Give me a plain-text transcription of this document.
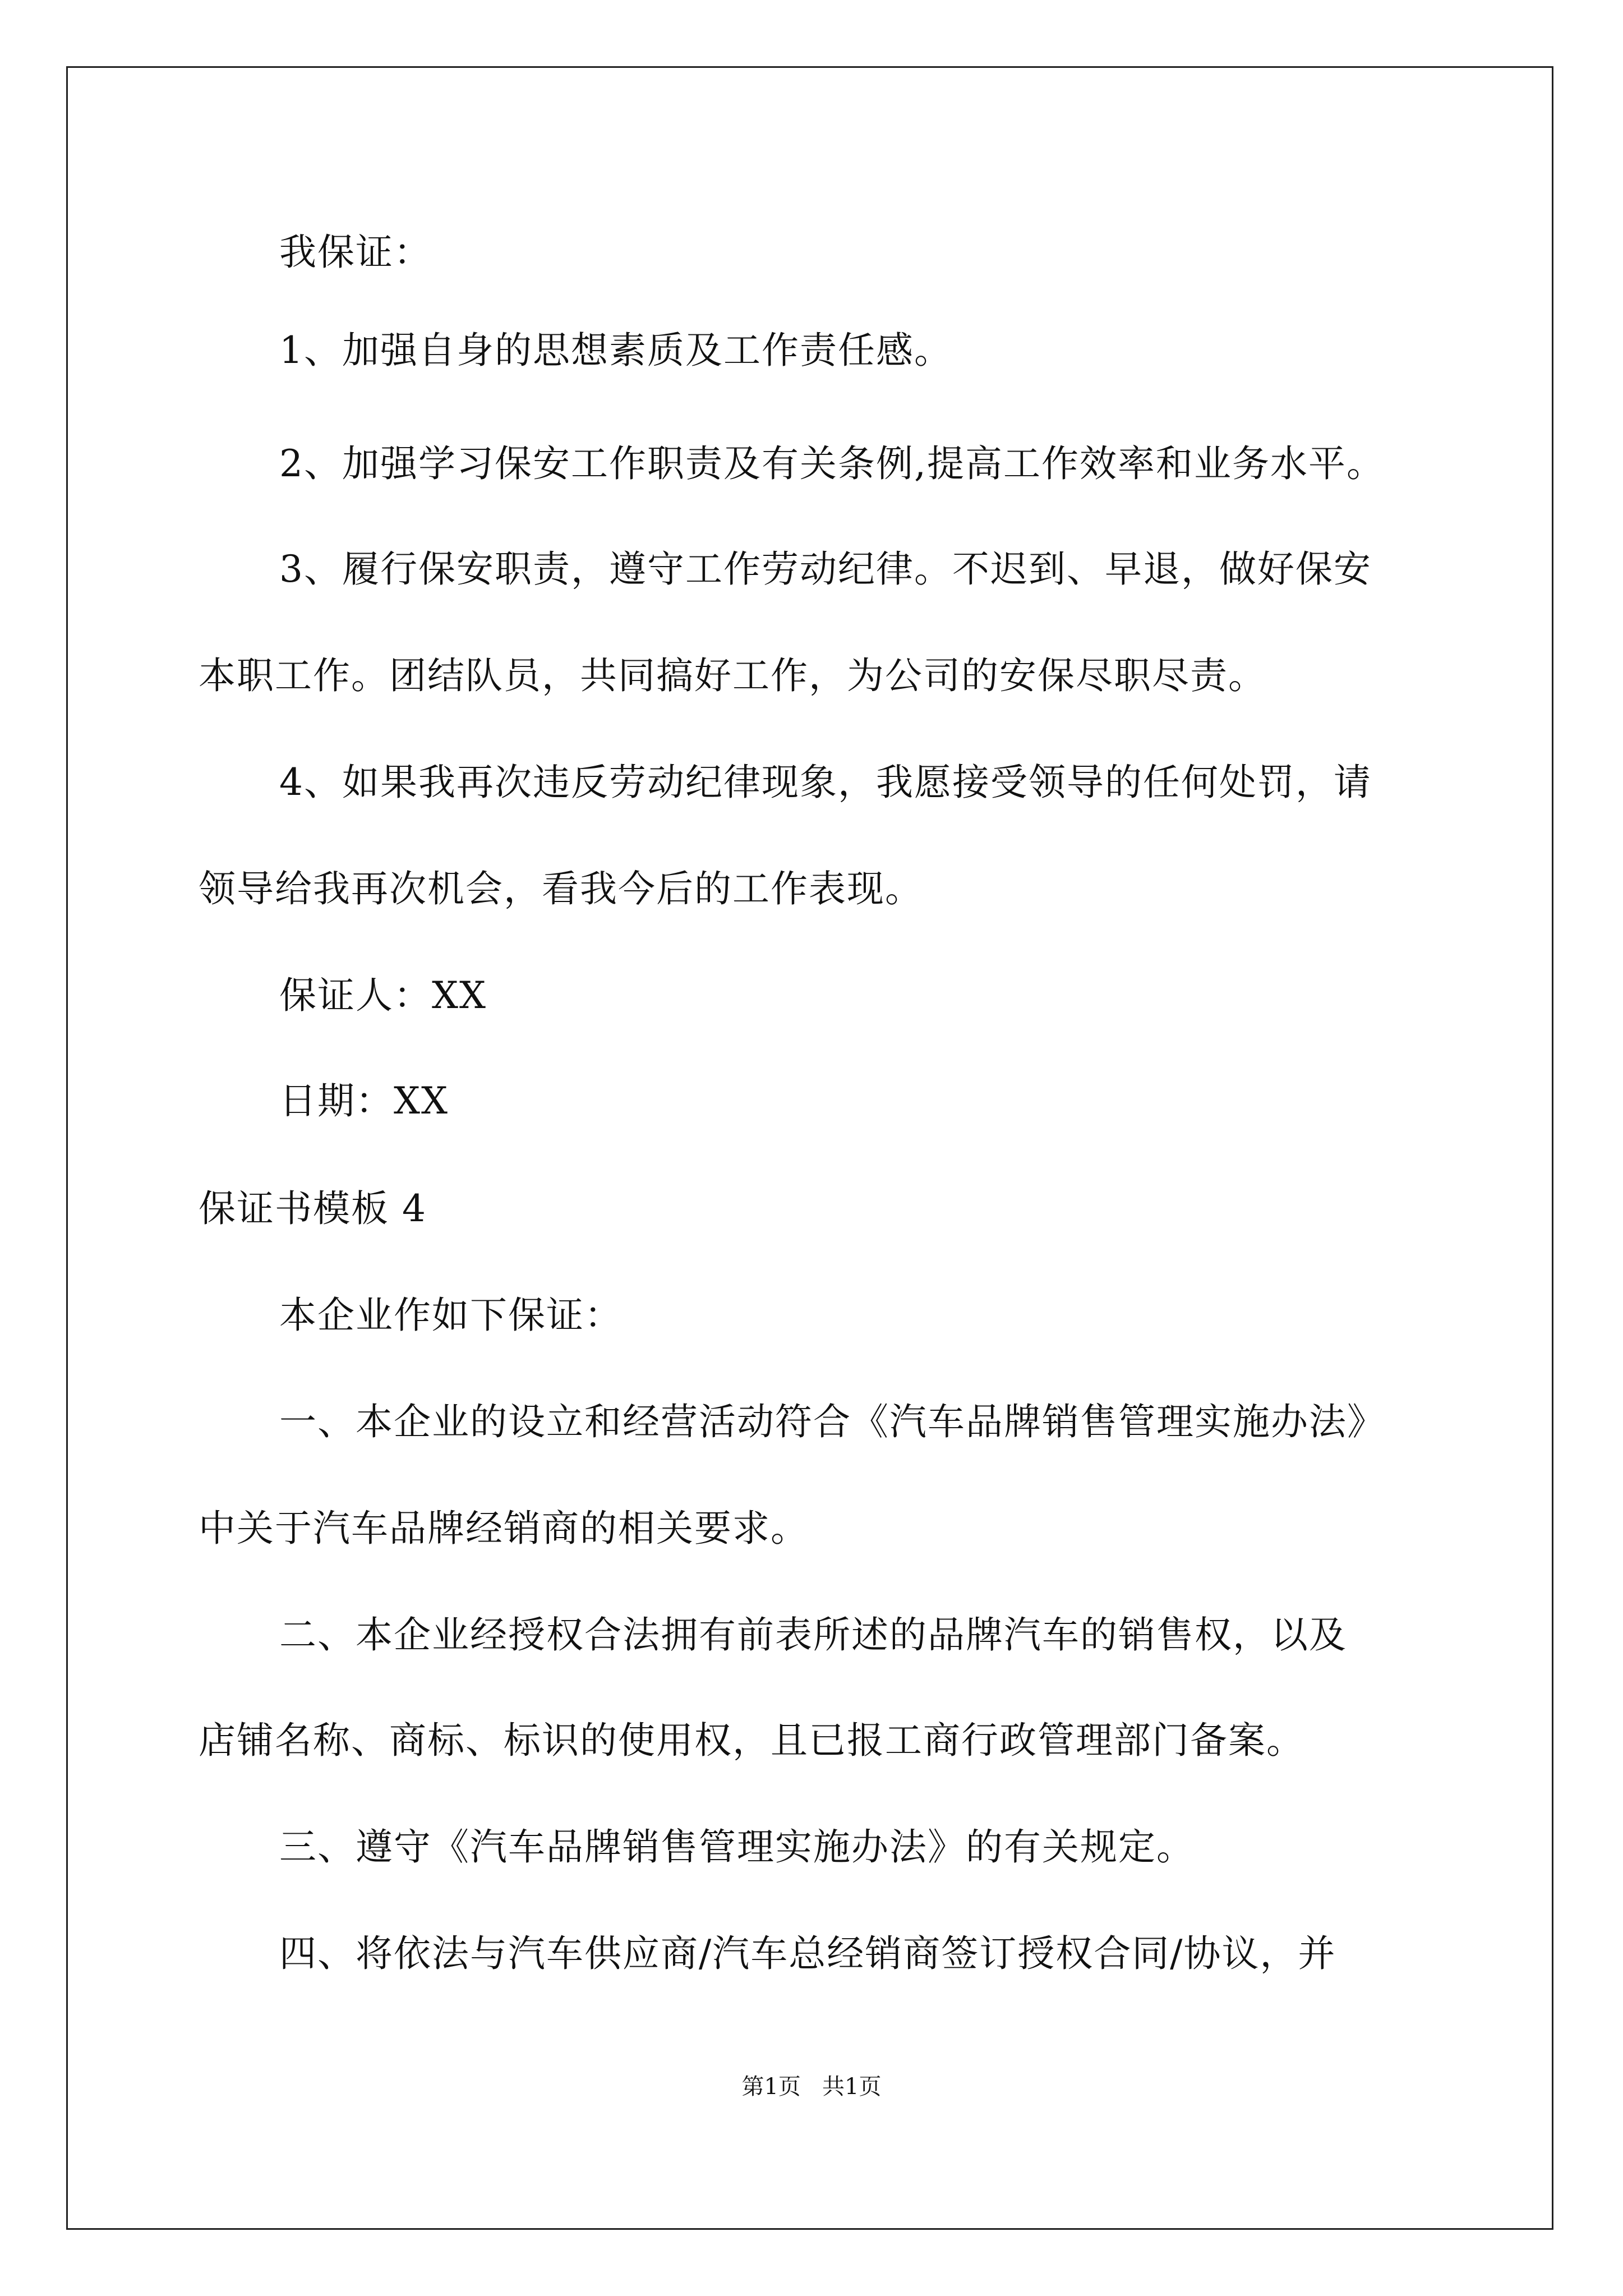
我保证：
1、加强自身的思想素质及工作责任感。
2、加强学习保安工作职责及有关条例,提高工作效率和业务水平。
3、履行保安职责，遵守工作劳动纪律。不迟到、早退，做好保安
本职工作。团结队员，共同搞好工作，为公司的安保尽职尽责。
4、如果我再次违反劳动纪律现象，我愿接受领导的任何处罚，请
领导给我再次机会，看我今后的工作表现。
保证人：XX
日期：XX
保证书模板 4
本企业作如下保证：
一、本企业的设立和经营活动符合《汽车品牌销售管理实施办法》
中关于汽车品牌经销商的相关要求。
二、本企业经授权合法拥有前表所述的品牌汽车的销售权，以及
店铺名称、商标、标识的使用权，且已报工商行政管理部门备案。
三、遵守《汽车品牌销售管理实施办法》的有关规定。
四、将依法与汽车供应商/汽车总经销商签订授权合同/协议，并
第1页   共1页
